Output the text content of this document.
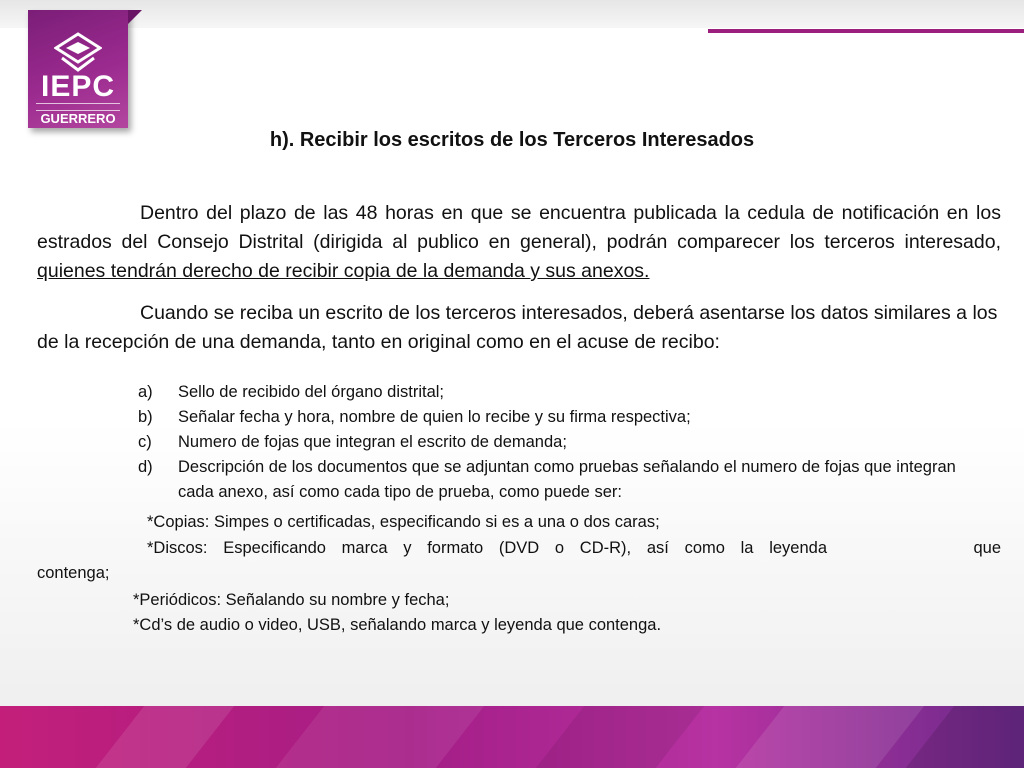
IEPC
GUERRERO
h). Recibir los escritos de los Terceros Interesados
Dentro del plazo de las 48 horas en que se encuentra publicada la cedula de notificación en los estrados del Consejo Distrital (dirigida al publico en general), podrán comparecer los terceros interesado, quienes tendrán derecho de recibir copia de la demanda y sus anexos.
Cuando se reciba un escrito de los terceros interesados, deberá asentarse los datos similares a los de la recepción de una demanda, tanto en original como en el acuse de recibo:
a) Sello de recibido del órgano distrital;
b) Señalar fecha y hora, nombre de quien lo recibe y su firma respectiva;
c) Numero de fojas que integran el escrito de demanda;
d) Descripción de los documentos que se adjuntan como pruebas señalando el numero de fojas que integran cada anexo, así como cada tipo de prueba, como puede ser:
*Copias: Simpes o certificadas, especificando si es a una o dos caras;
*Discos: Especificando marca y formato (DVD o CD-R), así como la leyenda	que
contenga;
*Periódicos: Señalando su nombre y fecha;
*Cd’s de audio o video, USB, señalando marca y leyenda que contenga.
